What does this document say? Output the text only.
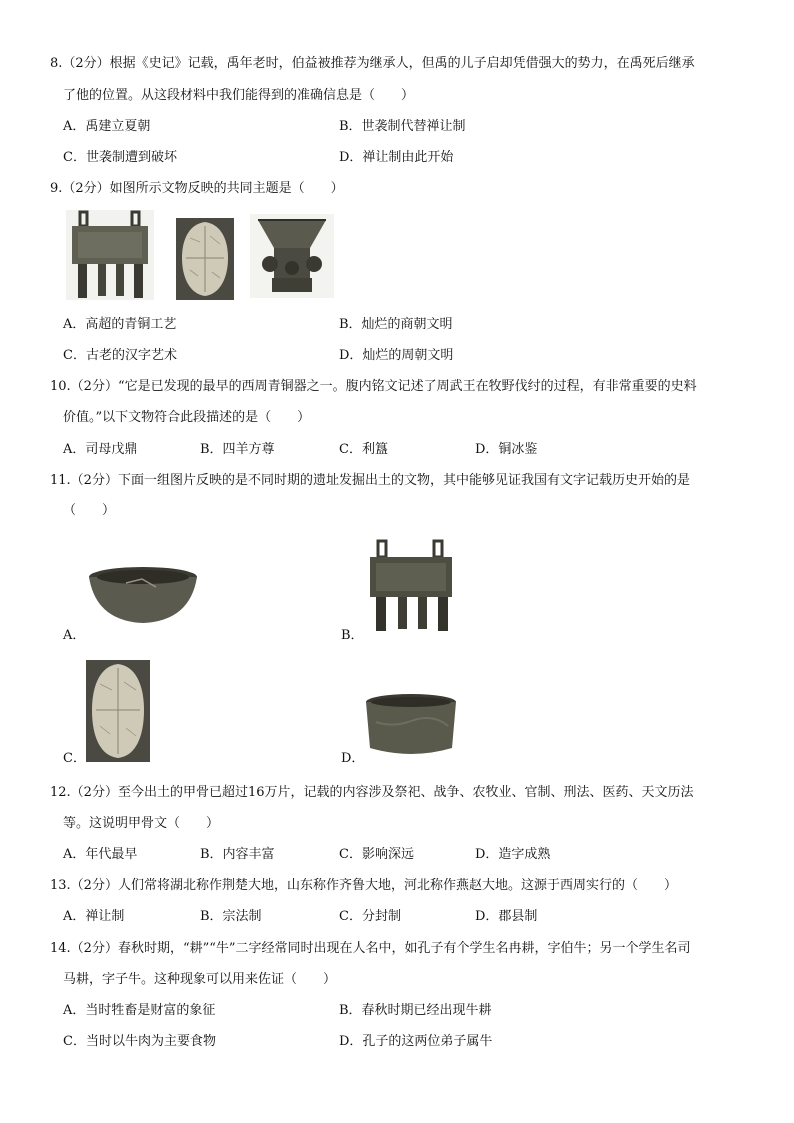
8.（2分）根据《史记》记载，禹年老时，伯益被推荐为继承人，但禹的儿子启却凭借强大的势力，在禹死后继承
了他的位置。从这段材料中我们能得到的准确信息是（　　）
A．禹建立夏朝	B．世袭制代替禅让制
C．世袭制遭到破坏	D．禅让制由此开始
9.（2分）如图所示文物反映的共同主题是（　　）
A．高超的青铜工艺	B．灿烂的商朝文明
C．古老的汉字艺术	D．灿烂的周朝文明
10.（2分）“它是已发现的最早的西周青铜器之一。腹内铭文记述了周武王在牧野伐纣的过程，有非常重要的史料
价值。”以下文物符合此段描述的是（　　）
A．司母戊鼎	B．四羊方尊	C．利簋	D．铜冰鉴
11.（2分）下面一组图片反映的是不同时期的遗址发掘出土的文物，其中能够见证我国有文字记载历史开始的是
（　　）
A．	B．
C．	D．
12.（2分）至今出土的甲骨已超过16万片，记载的内容涉及祭祀、战争、农牧业、官制、刑法、医药、天文历法
等。这说明甲骨文（　　）
A．年代最早	B．内容丰富	C．影响深远	D．造字成熟
13.（2分）人们常将湖北称作荆楚大地，山东称作齐鲁大地，河北称作燕赵大地。这源于西周实行的（　　）
A．禅让制	B．宗法制	C．分封制	D．郡县制
14.（2分）春秋时期，“耕”“牛”二字经常同时出现在人名中，如孔子有个学生名冉耕，字伯牛；另一个学生名司
马耕，字子牛。这种现象可以用来佐证（　　）
A．当时牲畜是财富的象征	B．春秋时期已经出现牛耕
C．当时以牛肉为主要食物	D．孔子的这两位弟子属牛
